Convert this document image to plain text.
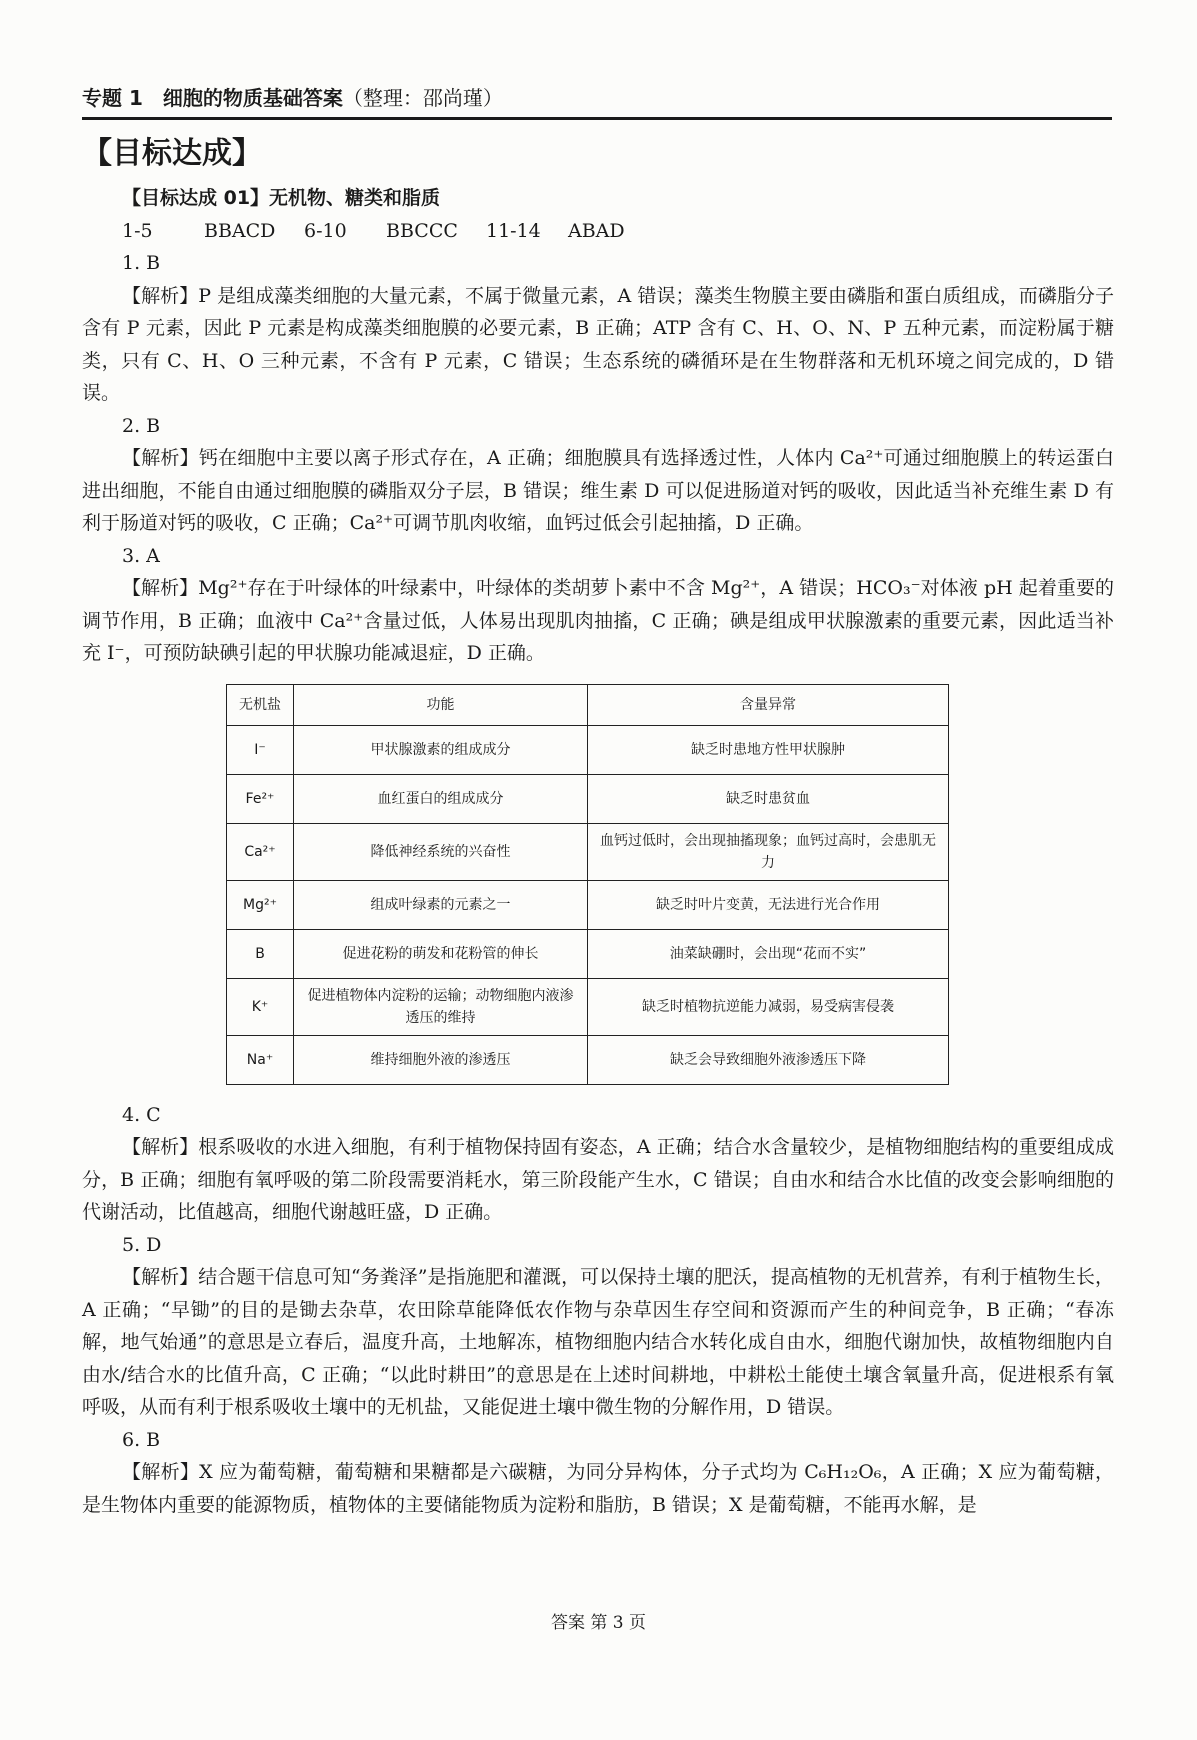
专题 1　细胞的物质基础答案（整理：邵尚瑾）
【目标达成】

【目标达成 01】无机物、糖类和脂质

1-5	BBACD	6-10	BBCCC	11-14	ABAD

1. B

【解析】P 是组成藻类细胞的大量元素，不属于微量元素，A 错误；藻类生物膜主要由磷脂和蛋白质组成，而磷脂分子含有 P 元素，因此 P 元素是构成藻类细胞膜的必要元素，B 正确；ATP 含有 C、H、O、N、P 五种元素，而淀粉属于糖类，只有 C、H、O 三种元素，不含有 P 元素，C 错误；生态系统的磷循环是在生物群落和无机环境之间完成的，D 错误。

2. B

【解析】钙在细胞中主要以离子形式存在，A 正确；细胞膜具有选择透过性，人体内 Ca²⁺可通过细胞膜上的转运蛋白进出细胞，不能自由通过细胞膜的磷脂双分子层，B 错误；维生素 D 可以促进肠道对钙的吸收，因此适当补充维生素 D 有利于肠道对钙的吸收，C 正确；Ca²⁺可调节肌肉收缩，血钙过低会引起抽搐，D 正确。

3. A

【解析】Mg²⁺存在于叶绿体的叶绿素中，叶绿体的类胡萝卜素中不含 Mg²⁺，A 错误；HCO₃⁻对体液 pH 起着重要的调节作用，B 正确；血液中 Ca²⁺含量过低，人体易出现肌肉抽搐，C 正确；碘是组成甲状腺激素的重要元素，因此适当补充 I⁻，可预防缺碘引起的甲状腺功能减退症，D 正确。

无机盐	功能	含量异常
I⁻	甲状腺激素的组成成分	缺乏时患地方性甲状腺肿
Fe²⁺	血红蛋白的组成成分	缺乏时患贫血
Ca²⁺	降低神经系统的兴奋性	血钙过低时，会出现抽搐现象；血钙过高时，会患肌无力
Mg²⁺	组成叶绿素的元素之一	缺乏时叶片变黄，无法进行光合作用
B	促进花粉的萌发和花粉管的伸长	油菜缺硼时，会出现“花而不实”
K⁺	促进植物体内淀粉的运输；动物细胞内液渗透压的维持	缺乏时植物抗逆能力减弱，易受病害侵袭
Na⁺	维持细胞外液的渗透压	缺乏会导致细胞外液渗透压下降

4. C

【解析】根系吸收的水进入细胞，有利于植物保持固有姿态，A 正确；结合水含量较少，是植物细胞结构的重要组成成分，B 正确；细胞有氧呼吸的第二阶段需要消耗水，第三阶段能产生水，C 错误；自由水和结合水比值的改变会影响细胞的代谢活动，比值越高，细胞代谢越旺盛，D 正确。

5. D

【解析】结合题干信息可知“务粪泽”是指施肥和灌溉，可以保持土壤的肥沃，提高植物的无机营养，有利于植物生长，A 正确；“早锄”的目的是锄去杂草，农田除草能降低农作物与杂草因生存空间和资源而产生的种间竞争，B 正确；“春冻解，地气始通”的意思是立春后，温度升高，土地解冻，植物细胞内结合水转化成自由水，细胞代谢加快，故植物细胞内自由水/结合水的比值升高，C 正确；“以此时耕田”的意思是在上述时间耕地，中耕松土能使土壤含氧量升高，促进根系有氧呼吸，从而有利于根系吸收土壤中的无机盐，又能促进土壤中微生物的分解作用，D 错误。

6. B

【解析】X 应为葡萄糖，葡萄糖和果糖都是六碳糖，为同分异构体，分子式均为 C₆H₁₂O₆，A 正确；X 应为葡萄糖，是生物体内重要的能源物质，植物体的主要储能物质为淀粉和脂肪，B 错误；X 是葡萄糖，不能再水解，是

答案 第 3 页
